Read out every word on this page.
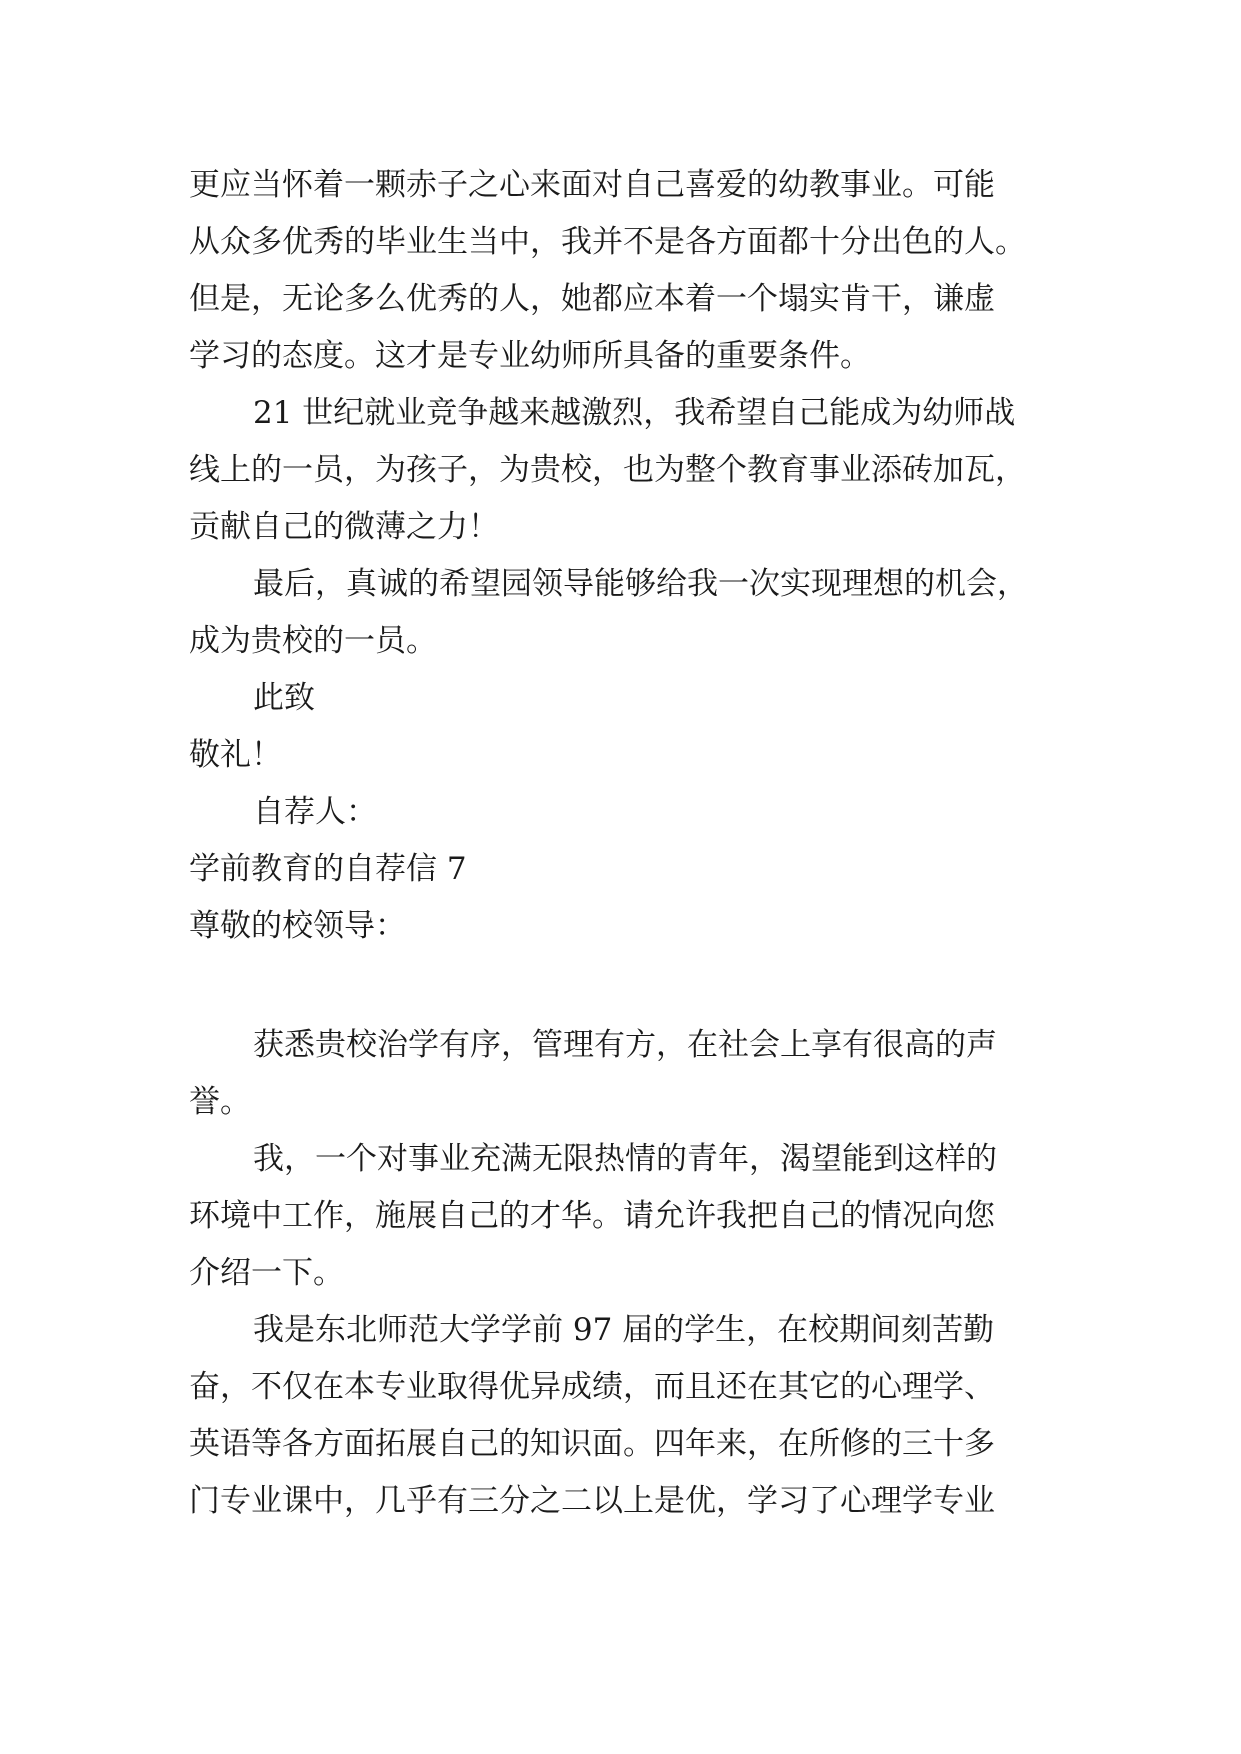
更应当怀着一颗赤子之心来面对自己喜爱的幼教事业。可能
从众多优秀的毕业生当中，我并不是各方面都十分出色的人。
但是，无论多么优秀的人，她都应本着一个塌实肯干，谦虚
学习的态度。这才是专业幼师所具备的重要条件。
21 世纪就业竞争越来越激烈，我希望自己能成为幼师战
线上的一员，为孩子，为贵校，也为整个教育事业添砖加瓦，
贡献自己的微薄之力！
最后，真诚的希望园领导能够给我一次实现理想的机会，
成为贵校的一员。
此致
敬礼！
自荐人：
学前教育的自荐信 7
尊敬的校领导：
获悉贵校治学有序，管理有方，在社会上享有很高的声
誉。
我，一个对事业充满无限热情的青年，渴望能到这样的
环境中工作，施展自己的才华。请允许我把自己的情况向您
介绍一下。
我是东北师范大学学前 97 届的学生，在校期间刻苦勤
奋，不仅在本专业取得优异成绩，而且还在其它的心理学、
英语等各方面拓展自己的知识面。四年来，在所修的三十多
门专业课中，几乎有三分之二以上是优，学习了心理学专业
